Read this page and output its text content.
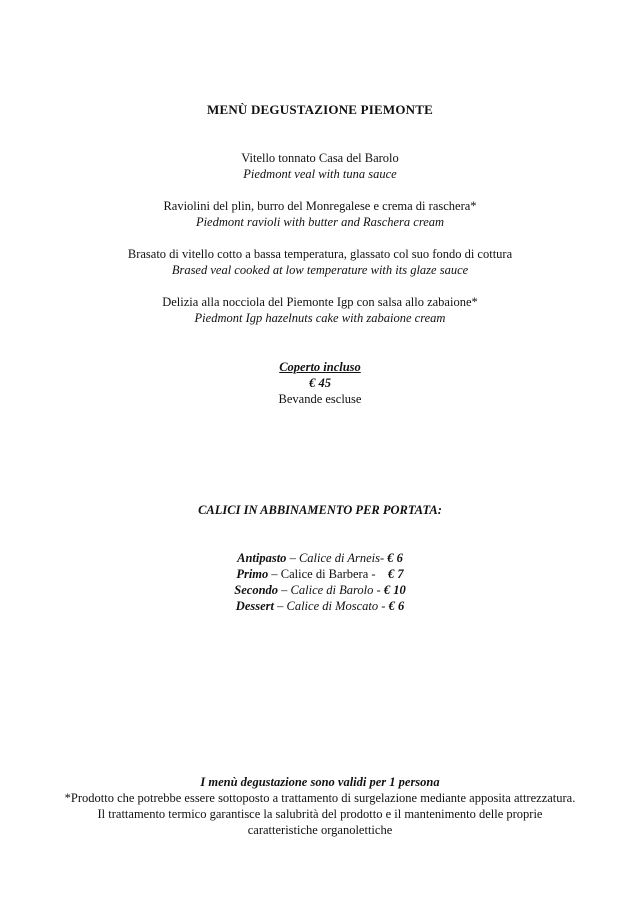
MENÙ DEGUSTAZIONE PIEMONTE
Vitello tonnato Casa del Barolo
Piedmont veal with tuna sauce
Raviolini del plin, burro del Monregalese e crema di raschera*
Piedmont ravioli with butter and Raschera cream
Brasato di vitello cotto a bassa temperatura, glassato col suo fondo di cottura
Brased veal cooked at low temperature with its glaze sauce
Delizia alla nocciola del Piemonte Igp con salsa allo zabaione*
Piedmont Igp hazelnuts cake with zabaione cream
Coperto incluso
€ 45
Bevande escluse
CALICI IN ABBINAMENTO PER PORTATA:
Antipasto – Calice di Arneis- € 6
Primo – Calice di Barbera -    € 7
Secondo – Calice di Barolo - € 10
Dessert – Calice di Moscato - € 6
I menù degustazione sono validi per 1 persona
*Prodotto che potrebbe essere sottoposto a trattamento di surgelazione mediante apposita attrezzatura.
Il trattamento termico garantisce la salubrità del prodotto e il mantenimento delle proprie
caratteristiche organolettiche
